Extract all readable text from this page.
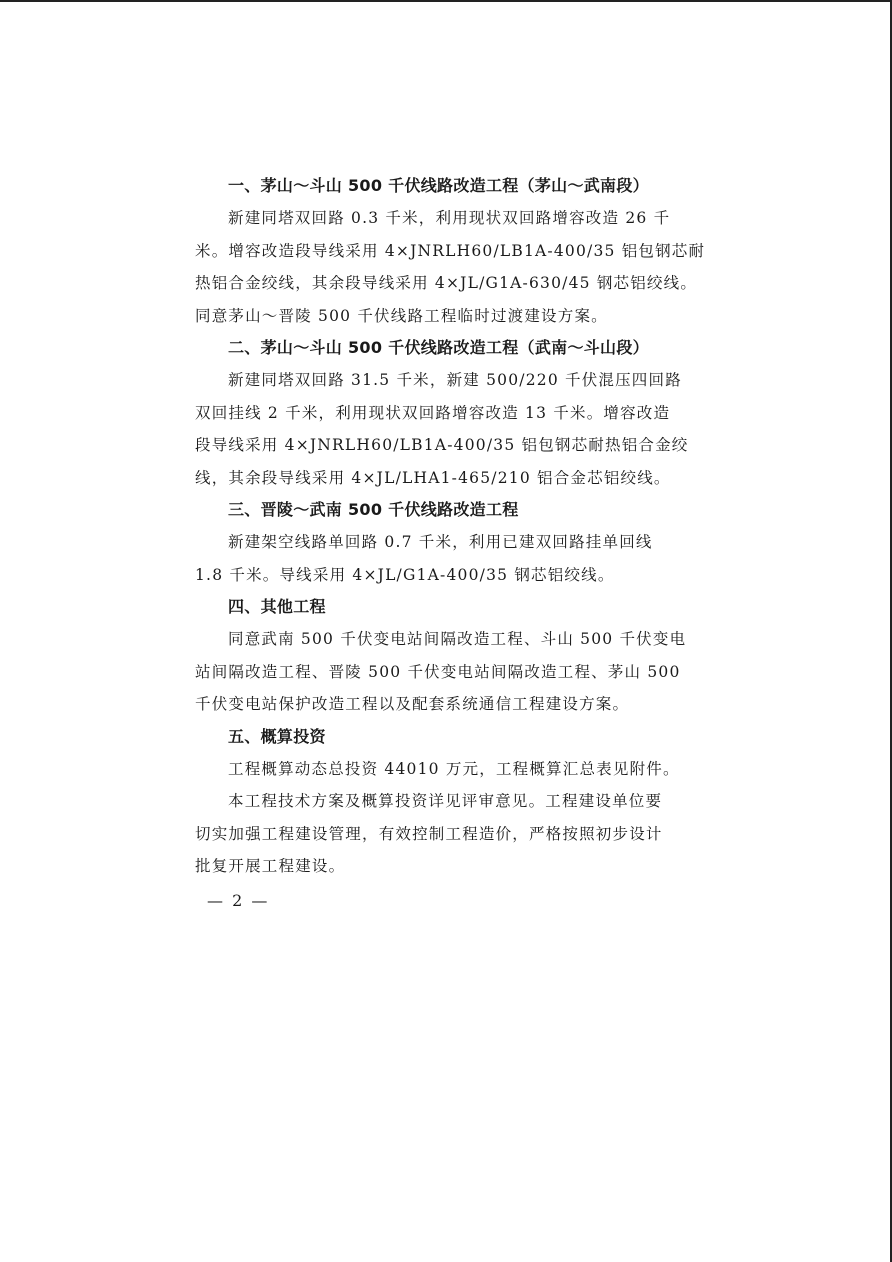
一、茅山～斗山 500 千伏线路改造工程（茅山～武南段）
新建同塔双回路 0.3 千米，利用现状双回路增容改造 26 千
米。增容改造段导线采用 4×JNRLH60/LB1A-400/35 铝包钢芯耐
热铝合金绞线，其余段导线采用 4×JL/G1A-630/45 钢芯铝绞线。
同意茅山～晋陵 500 千伏线路工程临时过渡建设方案。
二、茅山～斗山 500 千伏线路改造工程（武南～斗山段）
新建同塔双回路 31.5 千米，新建 500/220 千伏混压四回路
双回挂线 2 千米，利用现状双回路增容改造 13 千米。增容改造
段导线采用 4×JNRLH60/LB1A-400/35 铝包钢芯耐热铝合金绞
线，其余段导线采用 4×JL/LHA1-465/210 铝合金芯铝绞线。
三、晋陵～武南 500 千伏线路改造工程
新建架空线路单回路 0.7 千米，利用已建双回路挂单回线
1.8 千米。导线采用 4×JL/G1A-400/35 钢芯铝绞线。
四、其他工程
同意武南 500 千伏变电站间隔改造工程、斗山 500 千伏变电
站间隔改造工程、晋陵 500 千伏变电站间隔改造工程、茅山 500
千伏变电站保护改造工程以及配套系统通信工程建设方案。
五、概算投资
工程概算动态总投资 44010 万元，工程概算汇总表见附件。
本工程技术方案及概算投资详见评审意见。工程建设单位要
切实加强工程建设管理，有效控制工程造价，严格按照初步设计
批复开展工程建设。
— 2 —
